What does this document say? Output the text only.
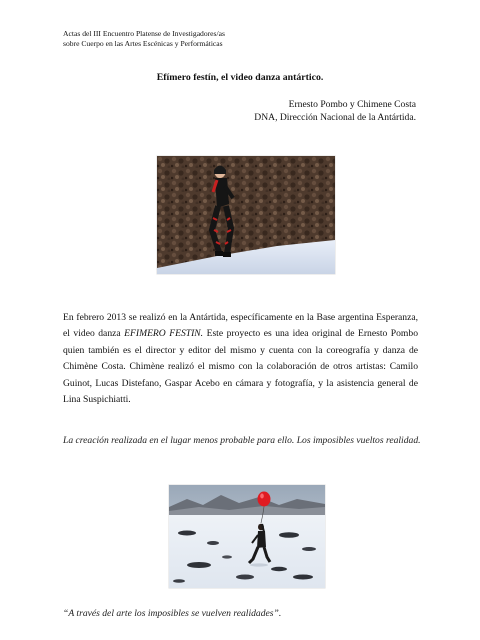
Actas del III Encuentro Platense de Investigadores/as
sobre Cuerpo en las Artes Escénicas y Performáticas
Efímero festín, el video danza antártico.
Ernesto Pombo y Chimene Costa
DNA, Dirección Nacional de la Antártida.
En febrero 2013 se realizó en la Antártida, específicamente en la Base argentina Esperanza, el video danza EFIMERO FESTIN. Este proyecto es una idea original de Ernesto Pombo quien también es el director y editor del mismo y cuenta con la coreografía y danza de Chimène Costa. Chimène realizó el mismo con la colaboración de otros artistas: Camilo Guinot, Lucas Distefano, Gaspar Acebo en cámara y fotografía, y la asistencia general de Lina Suspichiatti.
La creación realizada en el lugar menos probable para ello. Los imposibles vueltos realidad.
“A través del arte los imposibles se vuelven realidades”.
